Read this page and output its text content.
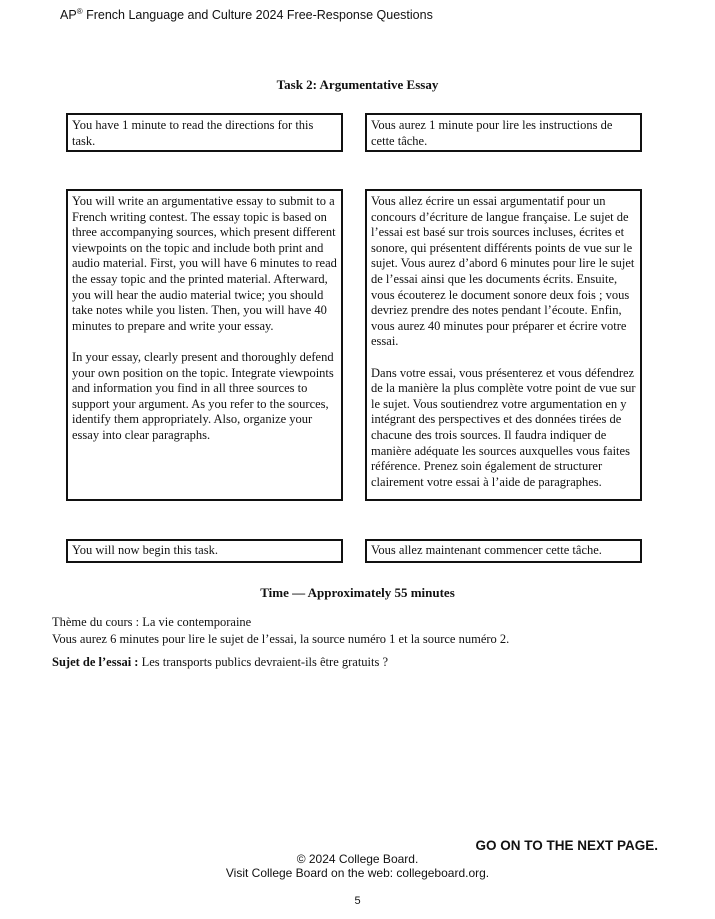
AP® French Language and Culture 2024 Free-Response Questions
Task 2: Argumentative Essay

You have 1 minute to read the directions for this task.

Vous aurez 1 minute pour lire les instructions de cette tâche.

You will write an argumentative essay to submit to a French writing contest. The essay topic is based on three accompanying sources, which present different viewpoints on the topic and include both print and audio material. First, you will have 6 minutes to read the essay topic and the printed material. Afterward, you will hear the audio material twice; you should take notes while you listen. Then, you will have 40 minutes to prepare and write your essay.

In your essay, clearly present and thoroughly defend your own position on the topic. Integrate viewpoints and information you find in all three sources to support your argument. As you refer to the sources, identify them appropriately. Also, organize your essay into clear paragraphs.

Vous allez écrire un essai argumentatif pour un concours d’écriture de langue française. Le sujet de l’essai est basé sur trois sources incluses, écrites et sonore, qui présentent différents points de vue sur le sujet. Vous aurez d’abord 6 minutes pour lire le sujet de l’essai ainsi que les documents écrits. Ensuite, vous écouterez le document sonore deux fois ; vous devriez prendre des notes pendant l’écoute. Enfin, vous aurez 40 minutes pour préparer et écrire votre essai.

Dans votre essai, vous présenterez et vous défendrez de la manière la plus complète votre point de vue sur le sujet. Vous soutiendrez votre argumentation en y intégrant des perspectives et des données tirées de chacune des trois sources. Il faudra indiquer de manière adéquate les sources auxquelles vous faites référence. Prenez soin également de structurer clairement votre essai à l’aide de paragraphes.

You will now begin this task.	Vous allez maintenant commencer cette tâche.

Time — Approximately 55 minutes
Thème du cours : La vie contemporaine
Vous aurez 6 minutes pour lire le sujet de l’essai, la source numéro 1 et la source numéro 2.
Sujet de l’essai : Les transports publics devraient-ils être gratuits ?
GO ON TO THE NEXT PAGE.
© 2024 College Board.
Visit College Board on the web: collegeboard.org.
5
